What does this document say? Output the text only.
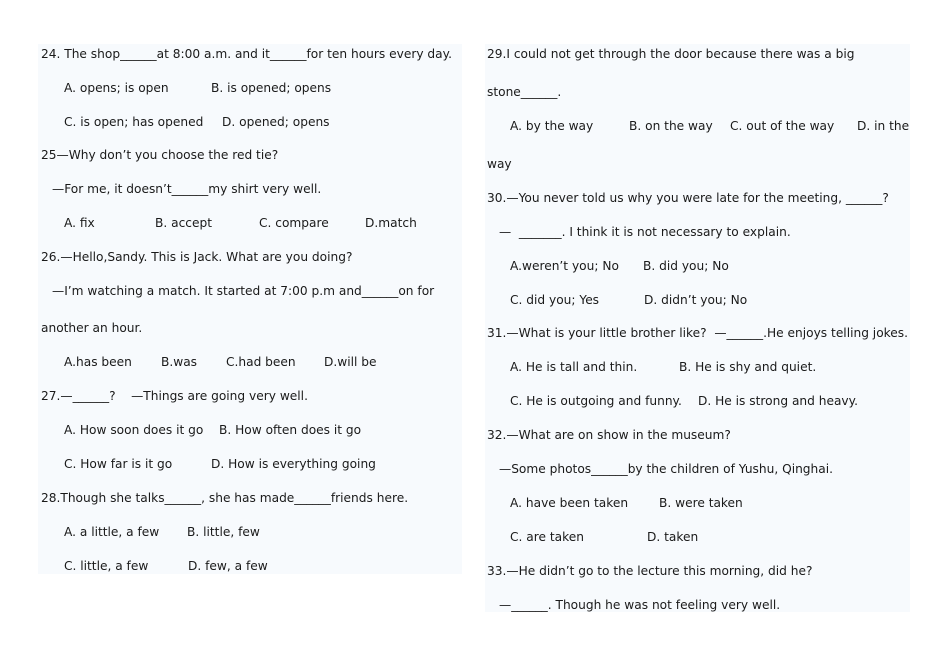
24. The shop______at 8:00 a.m. and it______for ten hours every day.
A. opens; is open	B. is opened; opens
C. is open; has opened D. opened; opens
25—Why don’t you choose the red tie?
—For me, it doesn’t______my shirt very well.
A. fix	B. accept	C. compare	D.match
26.—Hello,Sandy. This is Jack. What are you doing?
—I’m watching a match. It started at 7:00 p.m and______on for
another an hour.
A.has been B.was C.had been D.will be
27.—______?    —Things are going very well.
A. How soon does it go B. How often does it go
C. How far is it go	D. How is everything going
28.Though she talks______, she has made______friends here.
A. a little, a few B. little, few
C. little, a few	D. few, a few
29.I could not get through the door because there was a big
stone______.
A. by the way	B. on the way C. out of the way D. in the
way
30.—You never told us why you were late for the meeting, ______?
—  _______. I think it is not necessary to explain.
A.weren’t you; No B. did you; No
C. did you; Yes	D. didn’t you; No
31.—What is your little brother like?  —______.He enjoys telling jokes.
A. He is tall and thin.	B. He is shy and quiet.
C. He is outgoing and funny. D. He is strong and heavy.
32.—What are on show in the museum?
—Some photos______by the children of Yushu, Qinghai.
A. have been taken	B. were taken
C. are taken	D. taken
33.—He didn’t go to the lecture this morning, did he?
—______. Though he was not feeling very well.
